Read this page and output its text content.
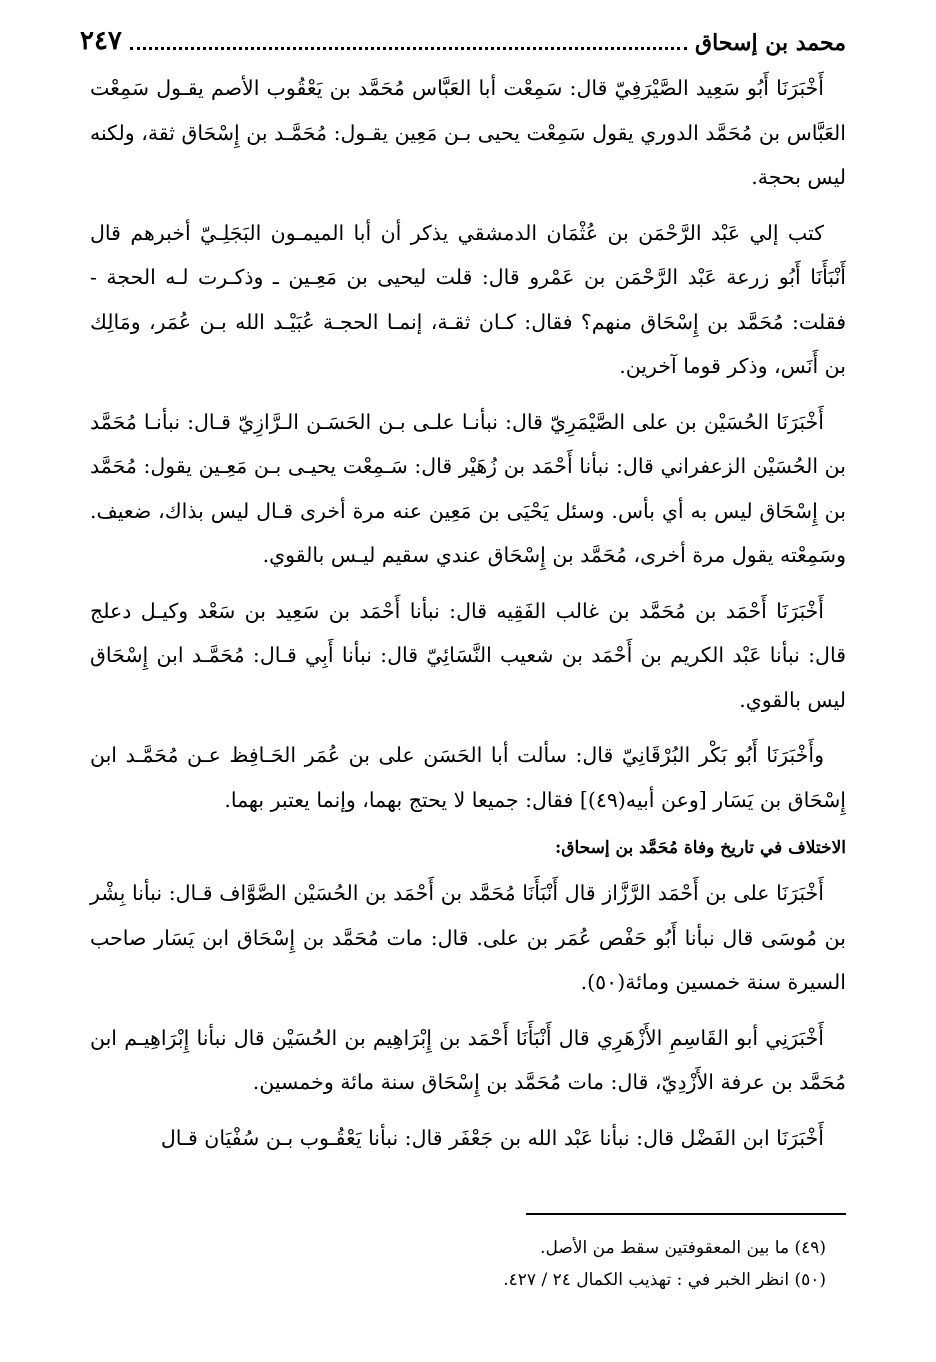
محمد بن إسحاق
٢٤٧

أَخْبَرَنَا أَبُو سَعِيد الصَّيْرَفِيّ قال: سَمِعْت أبا العَبَّاس مُحَمَّد بن يَعْقُوب الأصم يقـول سَمِعْت العَبَّاس بن مُحَمَّد الدوري يقول سَمِعْت يحيى بـن مَعِين يقـول: مُحَمَّـد بن إِسْحَاق ثقة، ولكنه ليس بحجة.

كتب إلي عَبْد الرَّحْمَن بن عُثْمَان الدمشقي يذكر أن أبا الميمـون البَجَلِـيّ أخبرهم قال أَنْبَأَنَا أَبُو زرعة عَبْد الرَّحْمَن بن عَمْرو قال: قلت ليحيى بن مَعِـين ـ وذكـرت لـه الحجة - فقلت: مُحَمَّد بن إِسْحَاق منهم؟ فقال: كـان ثقـة، إنمـا الحجـة عُبَيْـد الله بـن عُمَر، ومَالِك بن أَنَس، وذكر قوما آخرين.

أَخْبَرَنَا الحُسَيْن بن على الصَّيْمَرِيّ قال: نبأنـا علـى بـن الحَسَـن الـرَّازِيّ قـال: نبأنـا مُحَمَّد بن الحُسَيْن الزعفراني قال: نبأنا أَحْمَد بن زُهَيْر قال: سَـمِعْت يحيـى بـن مَعِـين يقول: مُحَمَّد بن إِسْحَاق ليس به أي بأس. وسئل يَحْيَى بن مَعِين عنه مرة أخرى قـال ليس بذاك، ضعيف. وسَمِعْته يقول مرة أخرى، مُحَمَّد بن إِسْحَاق عندي سقيم ليـس بالقوي.

أَخْبَرَنَا أَحْمَد بن مُحَمَّد بن غالب الفَقِيه قال: نبأنا أَحْمَد بن سَعِيد بن سَعْد وكيـل دعلج قال: نبأنا عَبْد الكريم بن أَحْمَد بن شعيب النَّسَائِيّ قال: نبأنا أَبِي قـال: مُحَمَّـد ابن إِسْحَاق ليس بالقوي.

وأَخْبَرَنَا أَبُو بَكْر البُرْقَانِيّ قال: سألت أبا الحَسَن على بن عُمَر الحَـافِظ عـن مُحَمَّـد ابن إِسْحَاق بن يَسَار [وعن أبيه(٤٩)] فقال: جميعا لا يحتج بهما، وإنما يعتبر بهما.

الاختلاف في تاريخ وفاة مُحَمَّد بن إسحاق:

أَخْبَرَنَا على بن أَحْمَد الرَّزَّاز قال أَنْبَأَنَا مُحَمَّد بن أَحْمَد بن الحُسَيْن الصَّوَّاف قـال: نبأنا بِشْر بن مُوسَى قال نبأنا أَبُو حَفْص عُمَر بن على. قال: مات مُحَمَّد بن إِسْحَاق ابن يَسَار صاحب السيرة سنة خمسين ومائة(٥٠).

أَخْبَرَنِي أبو القَاسِمِ الأَزْهَرِي قال أَنْبَأَنَا أَحْمَد بن إِبْرَاهِيم بن الحُسَيْن قال نبأنا إِبْرَاهِيـم ابن مُحَمَّد بن عرفة الأَزْدِيّ، قال: مات مُحَمَّد بن إِسْحَاق سنة مائة وخمسين.

أَخْبَرَنَا ابن الفَضْل قال: نبأنا عَبْد الله بن جَعْفَر قال: نبأنا يَعْقُـوب بـن سُفْيَان قـال

(٤٩) ما بين المعقوفتين سقط من الأصل.

(٥٠) انظر الخبر في : تهذيب الكمال ٢٤ / ٤٢٧.
